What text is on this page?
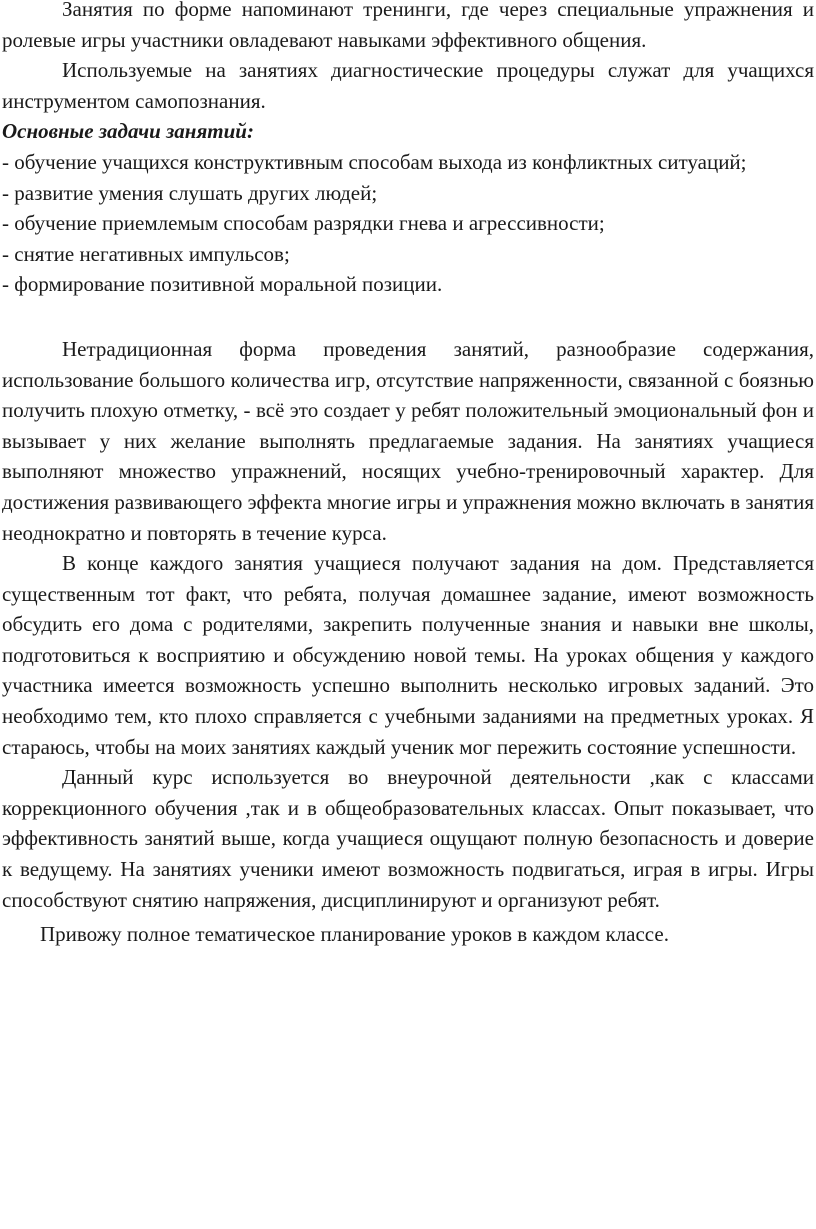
Занятия по форме напоминают тренинги, где через специальные упражнения и ролевые игры участники овладевают навыками эффективного общения.

Используемые на занятиях диагностические процедуры служат для учащихся инструментом самопознания.

Основные задачи занятий:

- обучение учащихся конструктивным способам выхода из конфликтных ситуаций;
- развитие умения слушать других людей;
- обучение приемлемым способам разрядки гнева и агрессивности;
- снятие негативных импульсов;
- формирование позитивной моральной позиции.

Нетрадиционная форма проведения занятий, разнообразие содержания, использование большого количества игр, отсутствие напряженности, связанной с боязнью получить плохую отметку, - всё это создает у ребят положительный эмоциональный фон и вызывает у них желание выполнять предлагаемые задания. На занятиях учащиеся выполняют множество упражнений, носящих учебно-тренировочный характер. Для достижения развивающего эффекта многие игры и упражнения можно включать в занятия неоднократно и повторять в течение курса.

В конце каждого занятия учащиеся получают задания на дом. Представляется существенным тот факт, что ребята, получая домашнее задание, имеют возможность обсудить его дома с родителями, закрепить полученные знания и навыки вне школы, подготовиться к восприятию и обсуждению новой темы. На уроках общения у каждого участника имеется возможность успешно выполнить несколько игровых заданий. Это необходимо тем, кто плохо справляется с учебными заданиями на предметных уроках. Я стараюсь, чтобы на моих занятиях каждый ученик мог пережить состояние успешности.

Данный курс используется во внеурочной деятельности ,как с классами коррекционного обучения ,так и в общеобразовательных классах. Опыт показывает, что эффективность занятий выше, когда учащиеся ощущают полную безопасность и доверие к ведущему. На занятиях ученики имеют возможность подвигаться, играя в игры. Игры способствуют снятию напряжения, дисциплинируют и организуют ребят.

Привожу полное тематическое планирование уроков в каждом классе.
